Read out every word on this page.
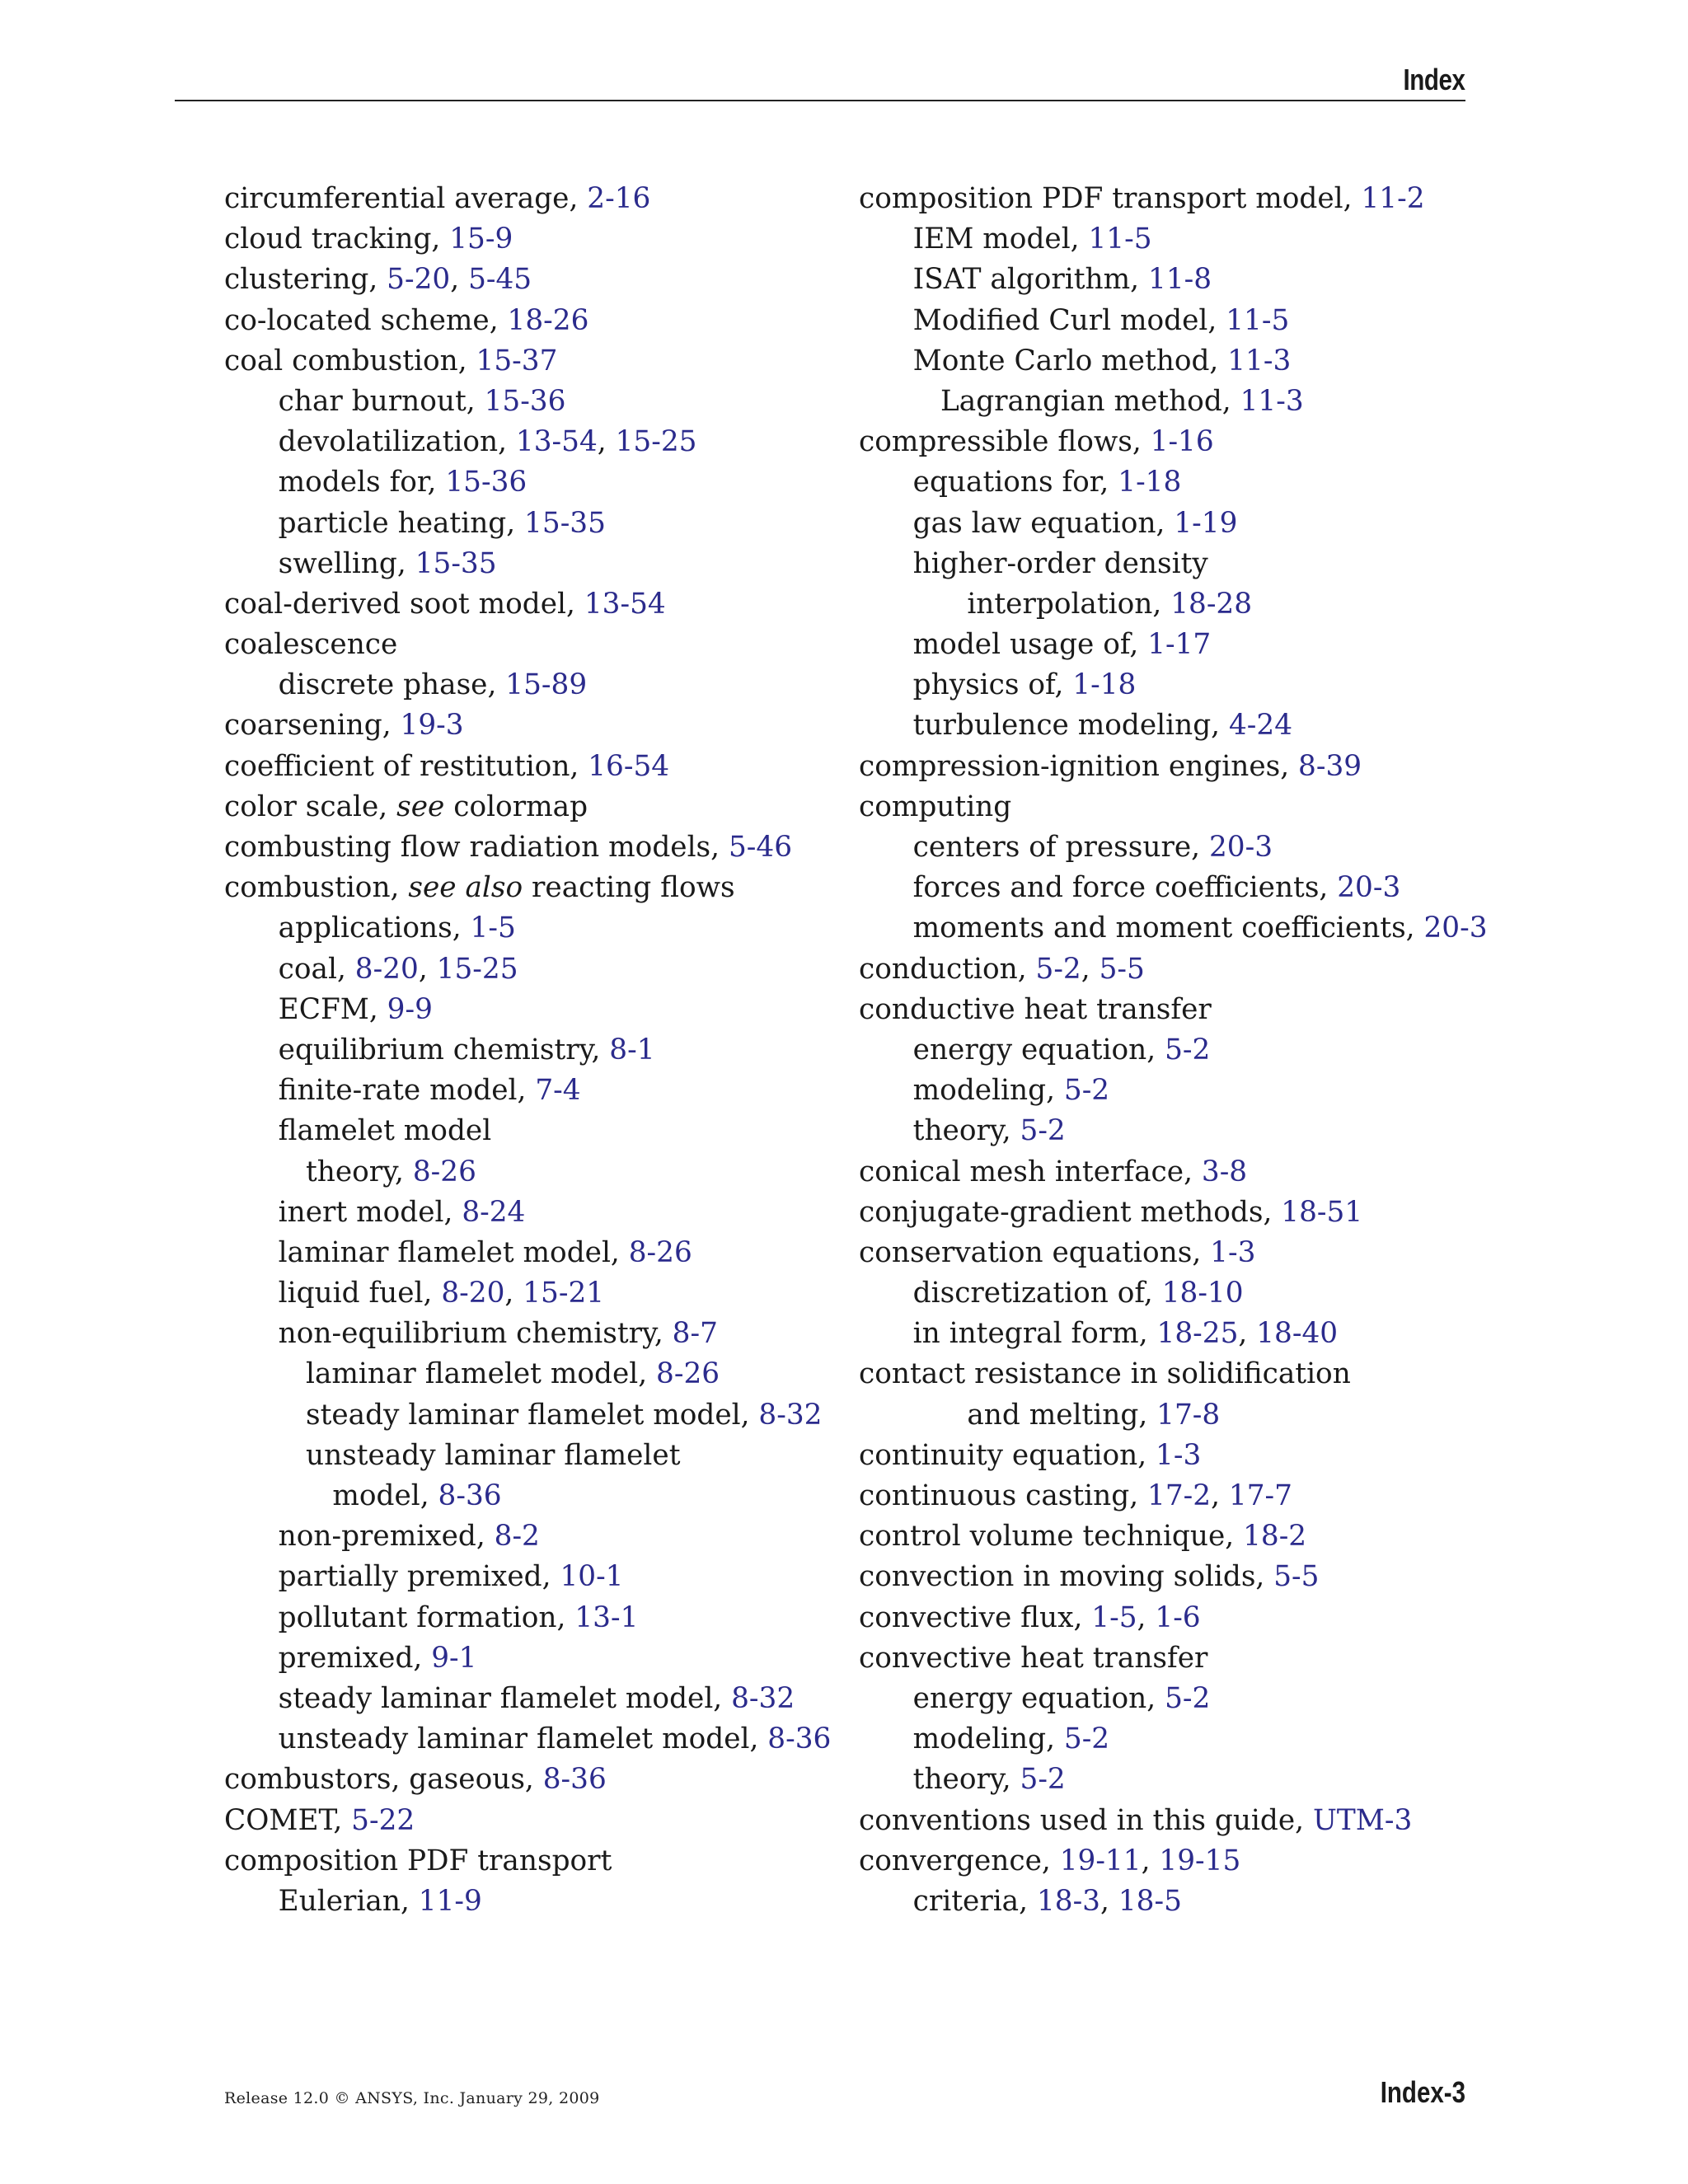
Index
circumferential average, 2-16
cloud tracking, 15-9
clustering, 5-20, 5-45
co-located scheme, 18-26
coal combustion, 15-37
char burnout, 15-36
devolatilization, 13-54, 15-25
models for, 15-36
particle heating, 15-35
swelling, 15-35
coal-derived soot model, 13-54
coalescence
discrete phase, 15-89
coarsening, 19-3
coefficient of restitution, 16-54
color scale, see colormap
combusting flow radiation models, 5-46
combustion, see also reacting flows
applications, 1-5
coal, 8-20, 15-25
ECFM, 9-9
equilibrium chemistry, 8-1
finite-rate model, 7-4
flamelet model
theory, 8-26
inert model, 8-24
laminar flamelet model, 8-26
liquid fuel, 8-20, 15-21
non-equilibrium chemistry, 8-7
laminar flamelet model, 8-26
steady laminar flamelet model, 8-32
unsteady laminar flamelet
model, 8-36
non-premixed, 8-2
partially premixed, 10-1
pollutant formation, 13-1
premixed, 9-1
steady laminar flamelet model, 8-32
unsteady laminar flamelet model, 8-36
combustors, gaseous, 8-36
COMET, 5-22
composition PDF transport
Eulerian, 11-9
composition PDF transport model, 11-2
IEM model, 11-5
ISAT algorithm, 11-8
Modified Curl model, 11-5
Monte Carlo method, 11-3
Lagrangian method, 11-3
compressible flows, 1-16
equations for, 1-18
gas law equation, 1-19
higher-order density
interpolation, 18-28
model usage of, 1-17
physics of, 1-18
turbulence modeling, 4-24
compression-ignition engines, 8-39
computing
centers of pressure, 20-3
forces and force coefficients, 20-3
moments and moment coefficients, 20-3
conduction, 5-2, 5-5
conductive heat transfer
energy equation, 5-2
modeling, 5-2
theory, 5-2
conical mesh interface, 3-8
conjugate-gradient methods, 18-51
conservation equations, 1-3
discretization of, 18-10
in integral form, 18-25, 18-40
contact resistance in solidification
and melting, 17-8
continuity equation, 1-3
continuous casting, 17-2, 17-7
control volume technique, 18-2
convection in moving solids, 5-5
convective flux, 1-5, 1-6
convective heat transfer
energy equation, 5-2
modeling, 5-2
theory, 5-2
conventions used in this guide, UTM-3
convergence, 19-11, 19-15
criteria, 18-3, 18-5
Release 12.0 © ANSYS, Inc. January 29, 2009	Index-3
